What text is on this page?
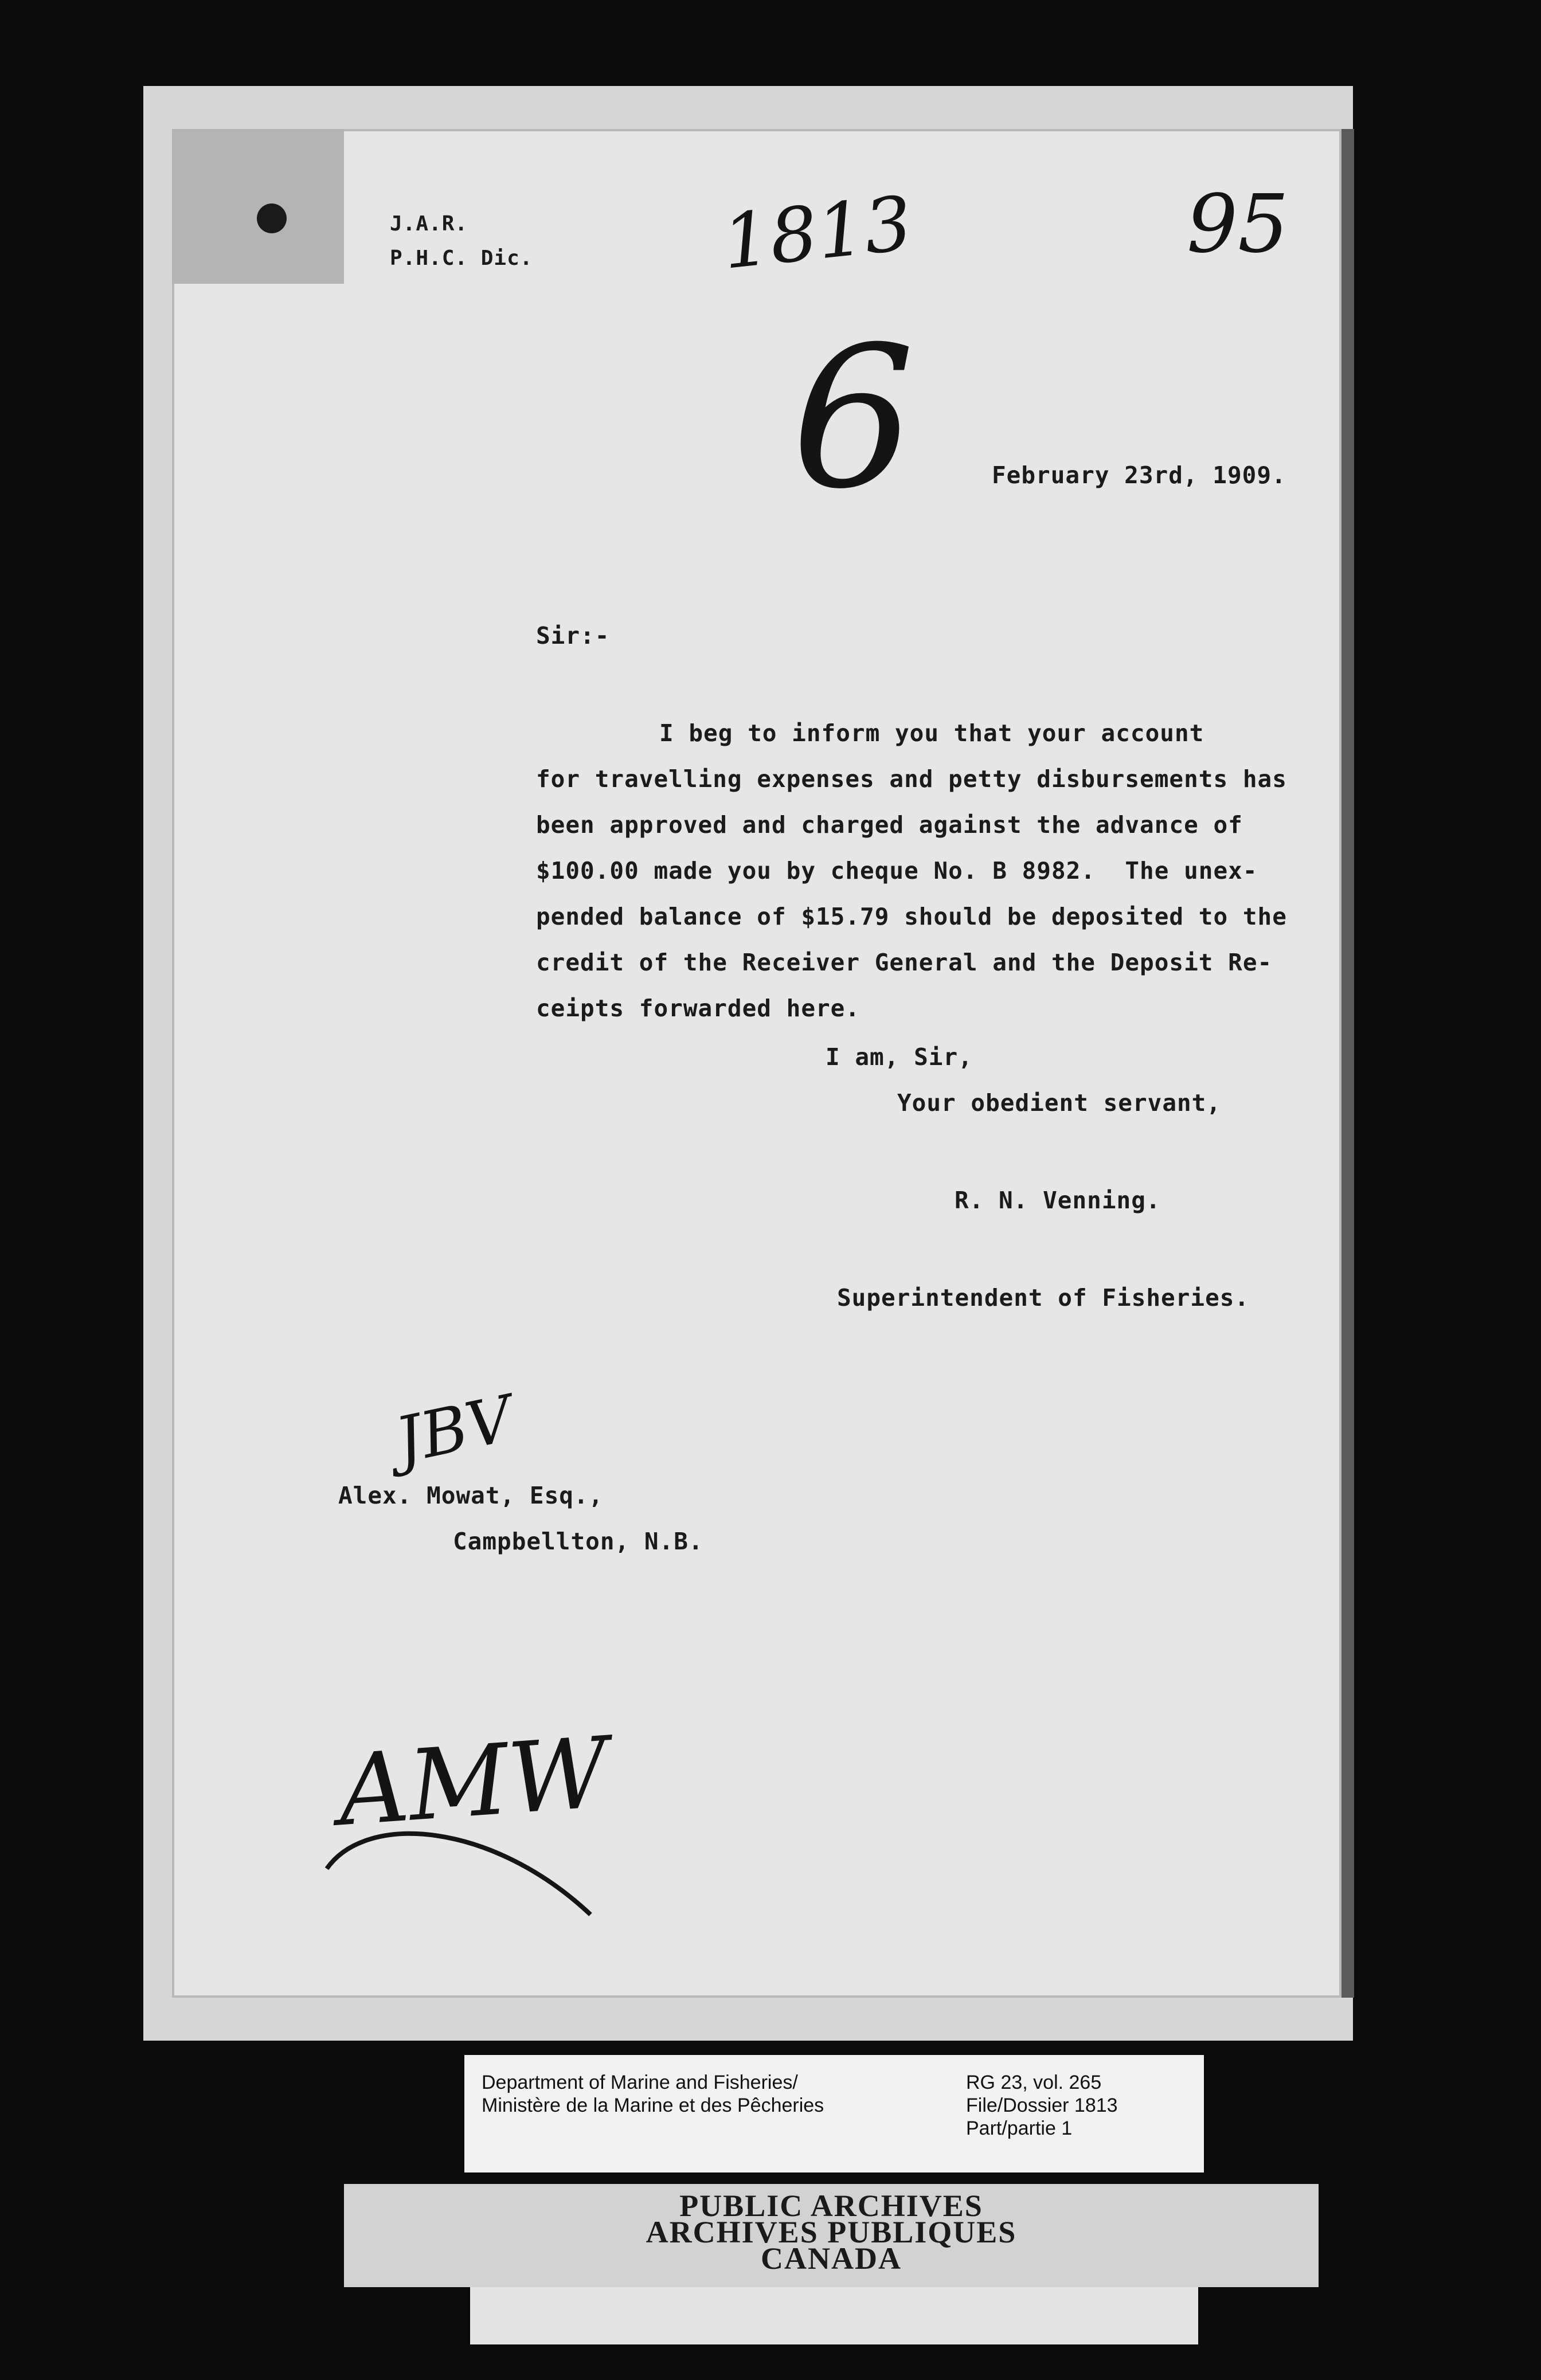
J.A.R.
P.H.C. Dic. 1813	95
6	February 23rd, 1909.
Sir:-
I beg to inform you that your account
for travelling expenses and petty disbursements has
been approved and charged against the advance of
$100.00 made you by cheque No. B 8982.  The unex-
pended balance of $15.79 should be deposited to the
credit of the Receiver General and the Deposit Re-
ceipts forwarded here.
I am, Sir,
Your obedient servant,
R. N. Venning.
Superintendent of Fisheries.
JBV
Alex. Mowat, Esq.,
Campbellton, N.B.
AMW
Department of Marine and Fisheries/
Ministère de la Marine et des Pêcheries
RG 23, vol. 265
File/Dossier 1813
Part/partie 1
PUBLIC ARCHIVES
ARCHIVES PUBLIQUES
CANADA
